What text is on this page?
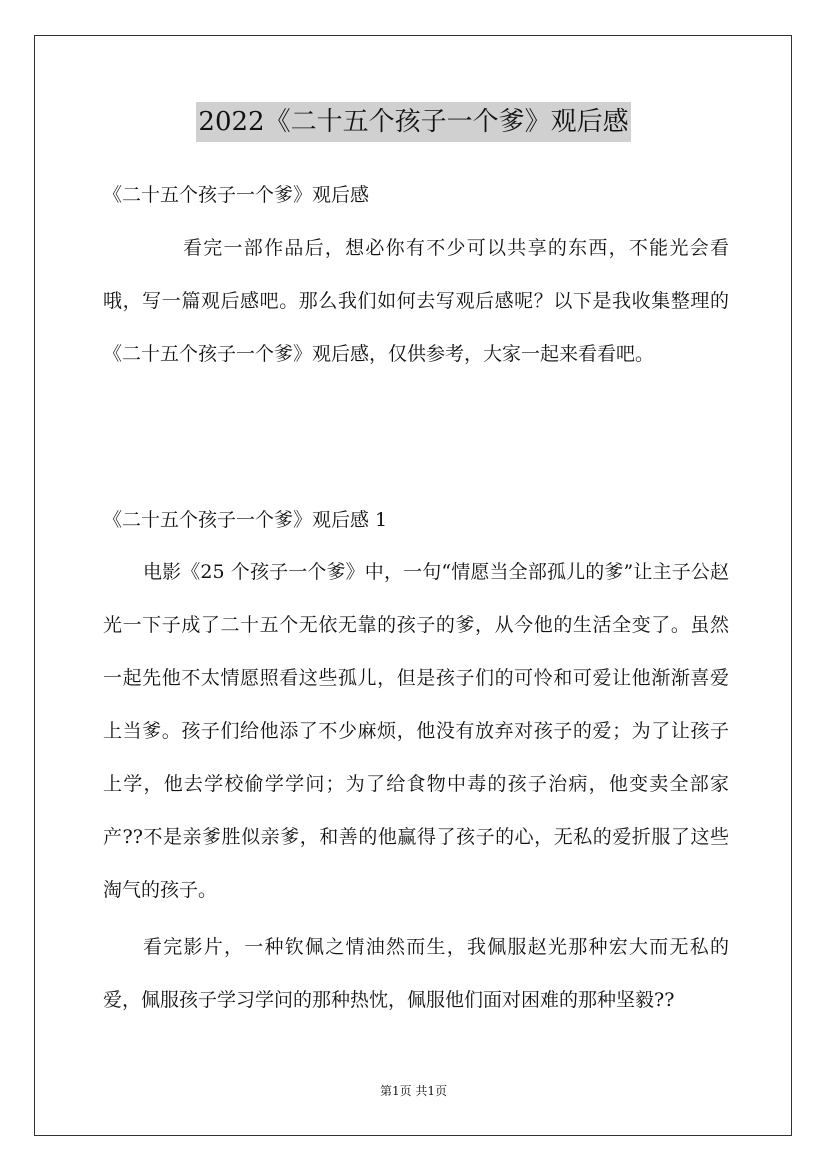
2022《二十五个孩子一个爹》观后感

《二十五个孩子一个爹》观后感

看完一部作品后，想必你有不少可以共享的东西，不能光会看哦，写一篇观后感吧。那么我们如何去写观后感呢？以下是我收集整理的《二十五个孩子一个爹》观后感，仅供参考，大家一起来看看吧。

《二十五个孩子一个爹》观后感 1

电影《25 个孩子一个爹》中，一句“情愿当全部孤儿的爹”让主子公赵光一下子成了二十五个无依无靠的孩子的爹，从今他的生活全变了。虽然一起先他不太情愿照看这些孤儿，但是孩子们的可怜和可爱让他渐渐喜爱上当爹。孩子们给他添了不少麻烦，他没有放弃对孩子的爱；为了让孩子上学，他去学校偷学学问；为了给食物中毒的孩子治病，他变卖全部家产??不是亲爹胜似亲爹，和善的他赢得了孩子的心，无私的爱折服了这些淘气的孩子。

看完影片，一种钦佩之情油然而生，我佩服赵光那种宏大而无私的爱，佩服孩子学习学问的那种热忱，佩服他们面对困难的那种坚毅??

第1页 共1页
